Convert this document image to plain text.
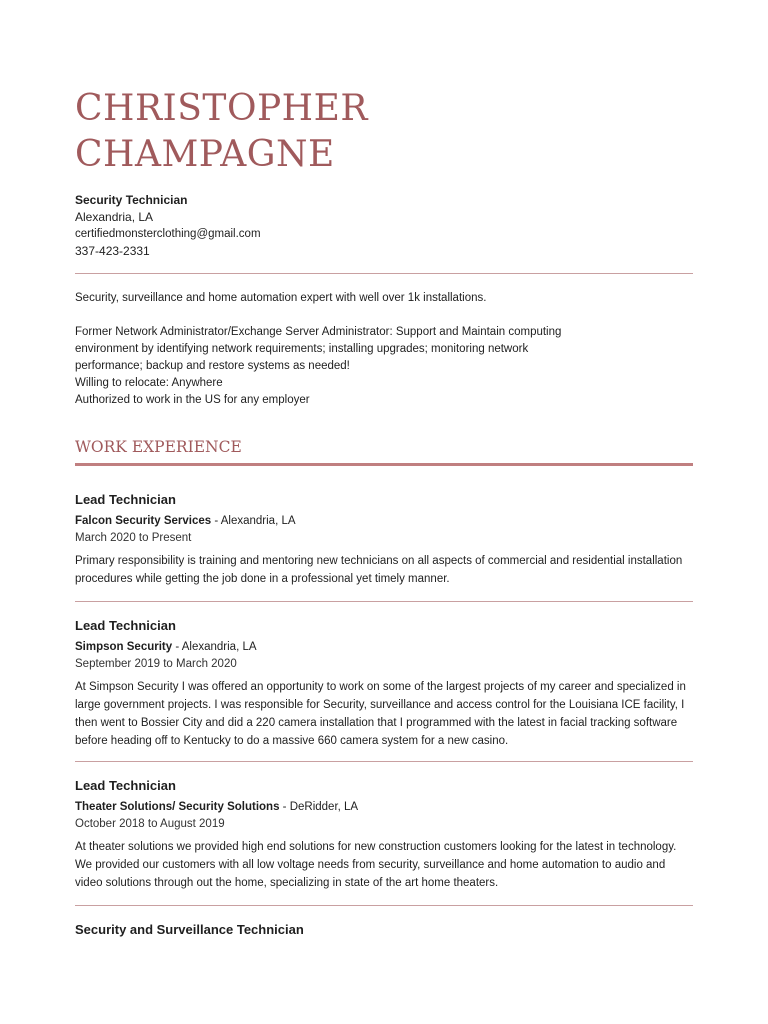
CHRISTOPHER
CHAMPAGNE
Security Technician
Alexandria, LA
certifiedmonsterclothing@gmail.com
337-423-2331

Security, surveillance and home automation expert with well over 1k installations.

Former Network Administrator/Exchange Server Administrator: Support and Maintain computing environment by identifying network requirements; installing upgrades; monitoring network performance; backup and restore systems as needed!
Willing to relocate: Anywhere
Authorized to work in the US for any employer

WORK EXPERIENCE
Lead Technician
Falcon Security Services - Alexandria, LA
March 2020 to Present
Primary responsibility is training and mentoring new technicians on all aspects of commercial and residential installation procedures while getting the job done in a professional yet timely manner.
Lead Technician
Simpson Security - Alexandria, LA
September 2019 to March 2020
At Simpson Security I was offered an opportunity to work on some of the largest projects of my career and specialized in large government projects. I was responsible for Security, surveillance and access control for the Louisiana ICE facility, I then went to Bossier City and did a 220 camera installation that I programmed with the latest in facial tracking software before heading off to Kentucky to do a massive 660 camera system for a new casino.
Lead Technician
Theater Solutions/ Security Solutions - DeRidder, LA
October 2018 to August 2019
At theater solutions we provided high end solutions for new construction customers looking for the latest in technology. We provided our customers with all low voltage needs from security, surveillance and home automation to audio and video solutions through out the home, specializing in state of the art home theaters.
Security and Surveillance Technician
